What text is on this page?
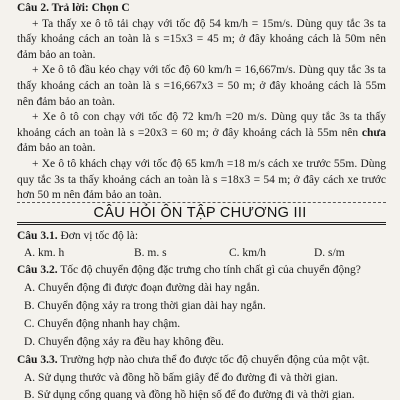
Câu 2. Trả lời: Chọn C
+ Ta thấy xe ô tô tải chạy với tốc độ 54 km/h = 15m/s. Dùng quy tắc 3s ta thấy khoảng cách an toàn là s =15x3 = 45 m; ở đây khoảng cách là 50m nên đảm bảo an toàn.
+ Xe ô tô đầu kéo chạy với tốc độ 60 km/h = 16,667m/s. Dùng quy tắc 3s ta thấy khoảng cách an toàn là s =16,667x3 = 50 m; ở đây khoảng cách là 55m nên đảm bảo an toàn.
+ Xe ô tô con chạy với tốc độ 72 km/h =20 m/s. Dùng quy tắc 3s ta thấy khoảng cách an toàn là s =20x3 = 60 m; ở đây khoảng cách là 55m nên chưa đảm bảo an toàn.
+ Xe ô tô khách chạy với tốc độ 65 km/h =18 m/s cách xe trước 55m. Dùng quy tắc 3s ta thấy khoảng cách an toàn là s =18x3 = 54 m; ở đây cách xe trước hơn 50 m nên đảm bảo an toàn.
CÂU HỎI ÔN TẬP CHƯƠNG III
Câu 3.1. Đơn vị tốc độ là:
A. km. h	B. m. s	C. km/h	D. s/m
Câu 3.2. Tốc độ chuyển động đặc trưng cho tính chất gì của chuyển động?
A. Chuyển động đi được đoạn đường dài hay ngắn.
B. Chuyển động xảy ra trong thời gian dài hay ngắn.
C. Chuyển động nhanh hay chậm.
D. Chuyển động xảy ra đều hay không đều.
Câu 3.3. Trường hợp nào chưa thể đo được tốc độ chuyển động của một vật.
A. Sử dụng thước và đồng hồ bấm giây để đo đường đi và thời gian.
B. Sử dụng cổng quang và đồng hồ hiện số để đo đường đi và thời gian.
